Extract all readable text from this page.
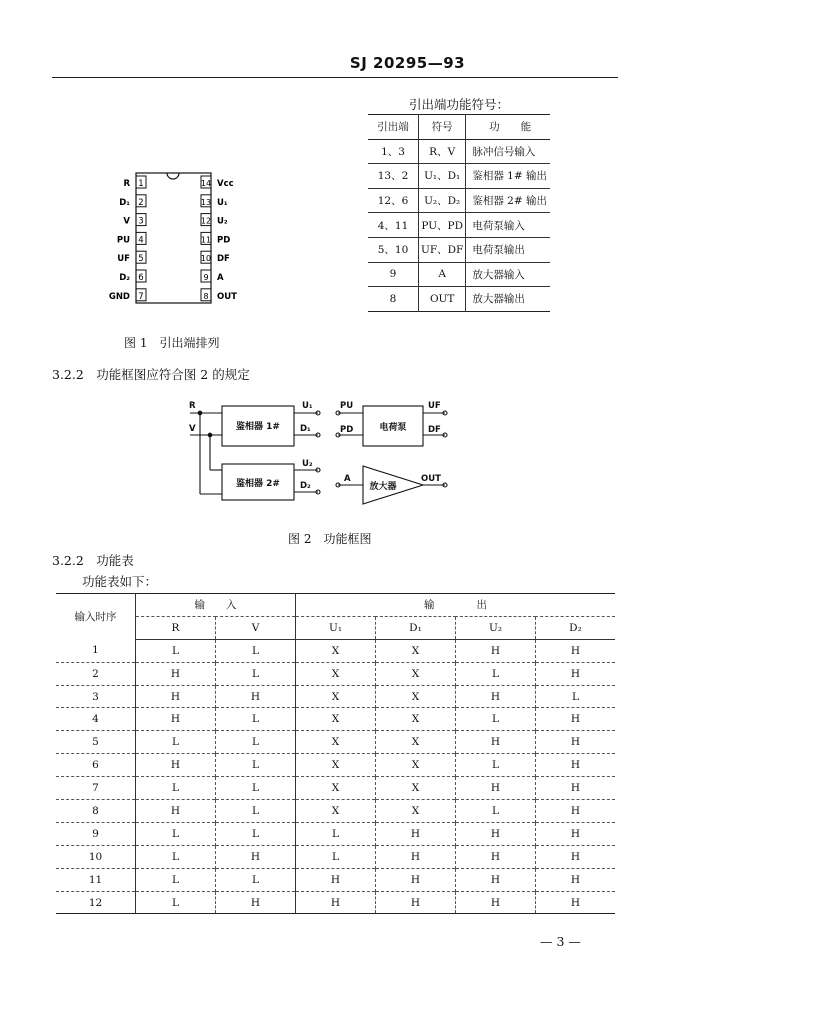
SJ 20295—93
引出端功能符号：
引出端	符号	功　　能
1、3	R、V	脉冲信号输入
13、2	U₁、D₁	鉴相器 1# 输出
12、6	U₂、D₂	鉴相器 2# 输出
4、11	PU、PD	电荷泵输入
5、10	UF、DF	电荷泵输出
9	A	放大器输入
8	OUT	放大器输出
1
R
2
D₁
3
V
4
PU
5
UF
6
D₂
7
GND
14 Vcc
13 U₁
12 U₂
11 PD
10 DF
9 A
8 OUT
图 1　引出端排列
3.2.2　功能框图应符合图 2 的规定
R
V	鉴相器 1#
鉴相器 2#
U₁
D₁
U₂
D₂
PU
PD	电荷泵
UF
DF
A
放大器
OUT
图 2　功能框图
3.2.2　功能表
功能表如下：
输入时序	输　　入		输　　　　出			
	R	V	U₁	D₁	U₂	D₂
1	L	L	X	X	H	H
2	H	L	X	X	L	H
3	H	H	X	X	H	L
4	H	L	X	X	L	H
5	L	L	X	X	H	H
6	H	L	X	X	L	H
7	L	L	X	X	H	H
8	H	L	X	X	L	H
9	L	L	L	H	H	H
10	L	H	L	H	H	H
11	L	L	H	H	H	H
12	L	H	H	H	H	H
— 3 —
